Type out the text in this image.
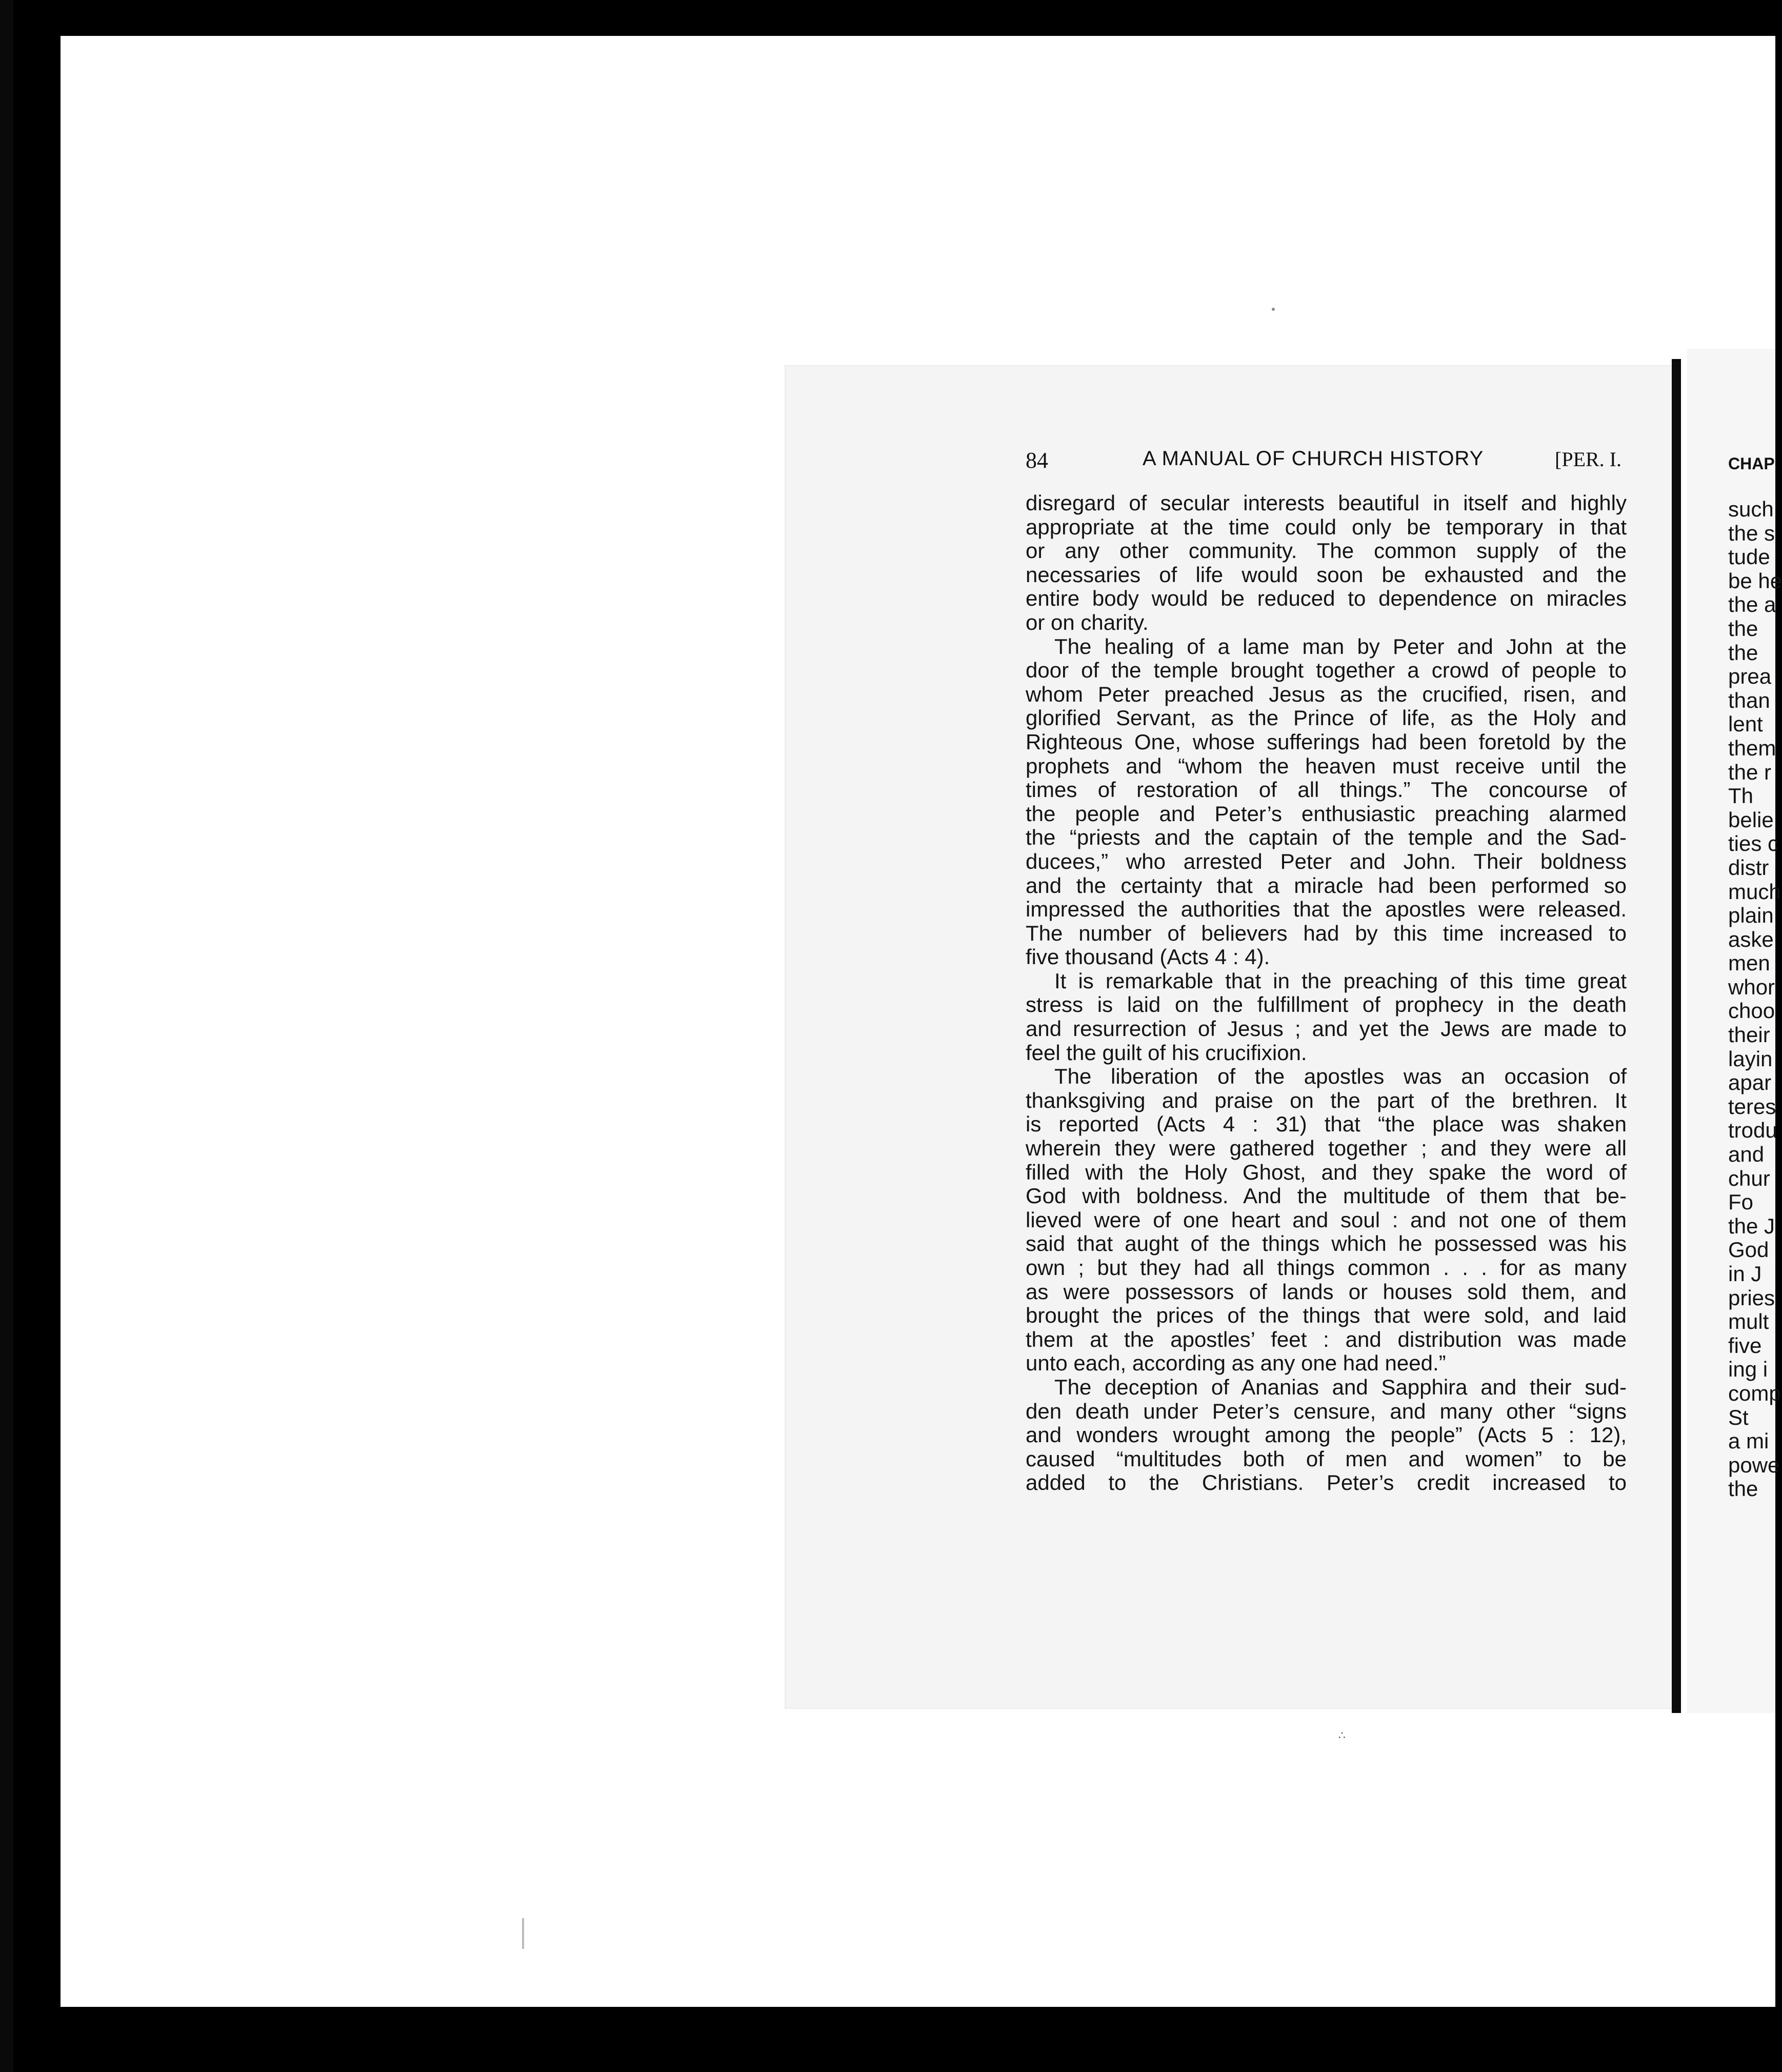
84	A MANUAL OF CHURCH HISTORY	[PER. I.
disregard of secular interests beautiful in itself and highly
appropriate at the time could only be temporary in that
or any other community. The common supply of the
necessaries of life would soon be exhausted and the
entire body would be reduced to dependence on miracles
or on charity.
The healing of a lame man by Peter and John at the
door of the temple brought together a crowd of people to
whom Peter preached Jesus as the crucified, risen, and
glorified Servant, as the Prince of life, as the Holy and
Righteous One, whose sufferings had been foretold by the
prophets and “whom the heaven must receive until the
times of restoration of all things.” The concourse of
the people and Peter’s enthusiastic preaching alarmed
the “priests and the captain of the temple and the Sad-
ducees,” who arrested Peter and John. Their boldness
and the certainty that a miracle had been performed so
impressed the authorities that the apostles were released.
The number of believers had by this time increased to
five thousand (Acts 4 : 4).
It is remarkable that in the preaching of this time great
stress is laid on the fulfillment of prophecy in the death
and resurrection of Jesus ; and yet the Jews are made to
feel the guilt of his crucifixion.
The liberation of the apostles was an occasion of
thanksgiving and praise on the part of the brethren. It
is reported (Acts 4 : 31) that “the place was shaken
wherein they were gathered together ; and they were all
filled with the Holy Ghost, and they spake the word of
God with boldness. And the multitude of them that be-
lieved were of one heart and soul : and not one of them
said that aught of the things which he possessed was his
own ; but they had all things common . . . for as many
as were possessors of lands or houses sold them, and
brought the prices of the things that were sold, and laid
them at the apostles’ feet : and distribution was made
unto each, according as any one had need.”
The deception of Ananias and Sapphira and their sud-
den death under Peter’s censure, and many other “signs
and wonders wrought among the people” (Acts 5 : 12),
caused “multitudes both of men and women” to be
added to the Christians. Peter’s credit increased to
CHAP
such
the s
tude
be he
the a
the
the
prea
than
lent
them
the r
Th
belie
ties c
distr
much
plain
aske
men
whor
choo
their
layin
apar
teres
trodu
and
chur
Fo
the J
God
in J
pries
mult
five
ing i
comp
St
a mi
powe
the
∴
